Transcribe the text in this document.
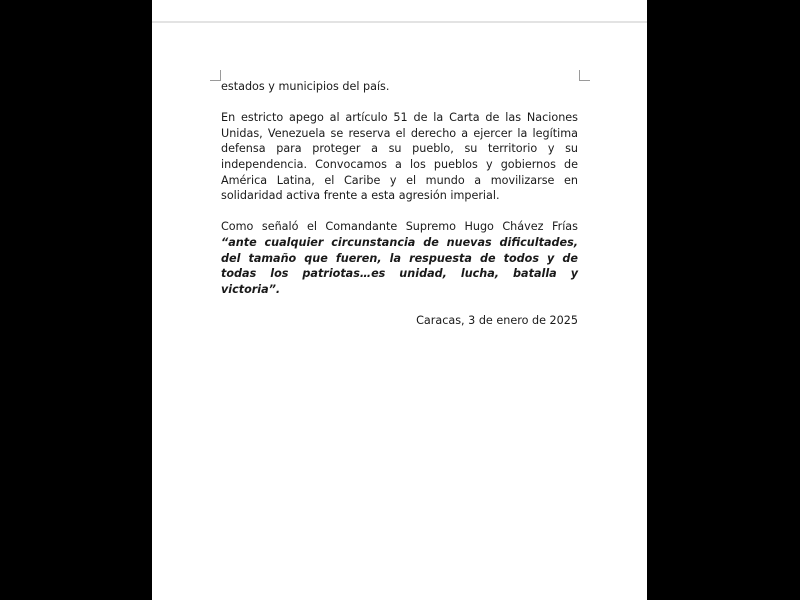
estados y municipios del país.

En estricto apego al artículo 51 de la Carta de las Naciones Unidas, Venezuela se reserva el derecho a ejercer la legítima defensa para proteger a su pueblo, su territorio y su independencia. Convocamos a los pueblos y gobiernos de América Latina, el Caribe y el mundo a movilizarse en solidaridad activa frente a esta agresión imperial.

Como señaló el Comandante Supremo Hugo Chávez Frías “ante cualquier circunstancia de nuevas dificultades, del tamaño que fueren, la respuesta de todos y de todas los patriotas…es unidad, lucha, batalla y victoria”.

Caracas, 3 de enero de 2025
